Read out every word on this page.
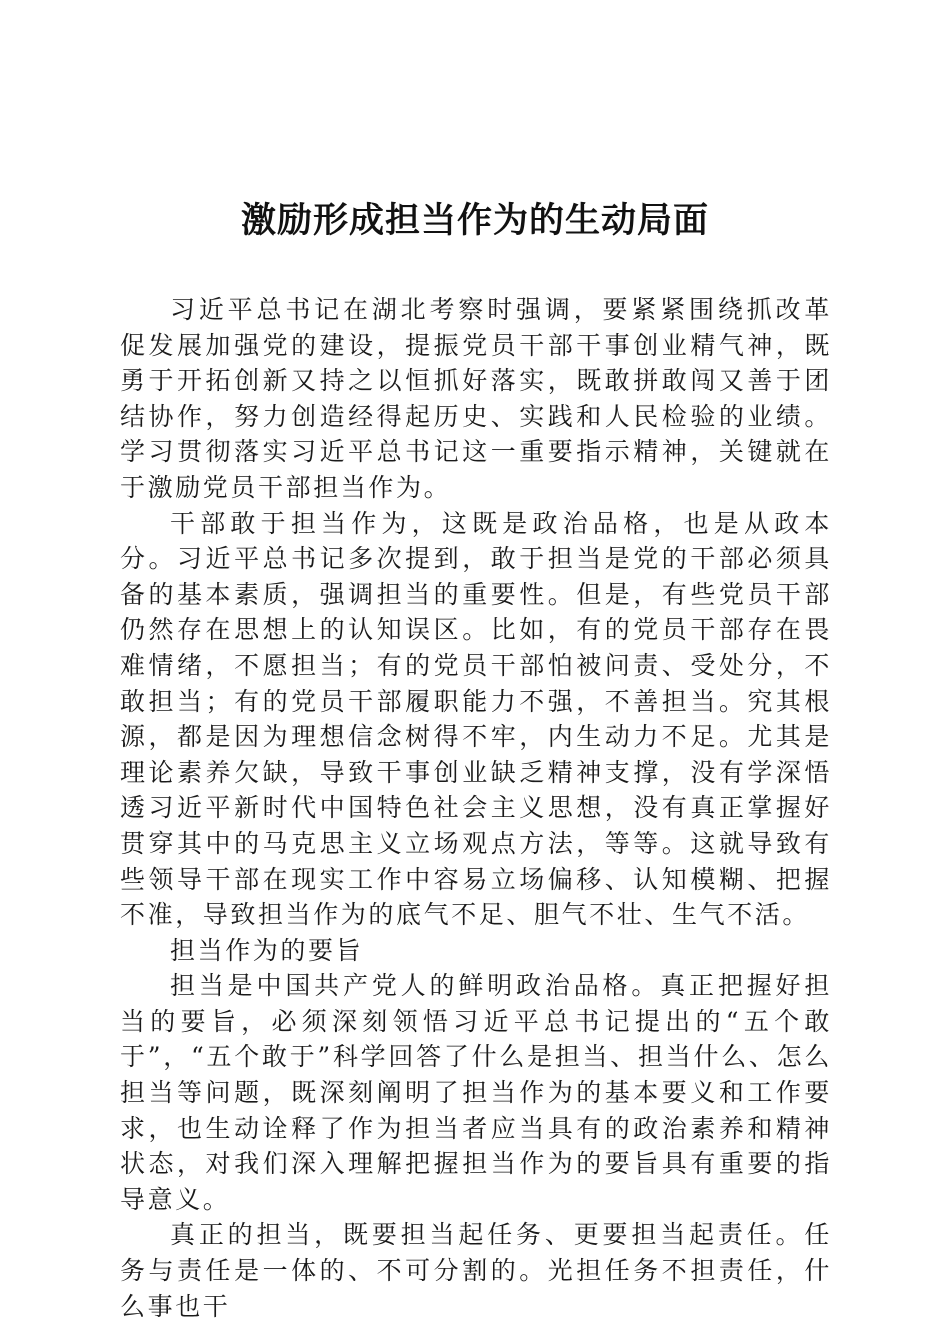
激励形成担当作为的生动局面

习近平总书记在湖北考察时强调，要紧紧围绕抓改革促发展加强党的建设，提振党员干部干事创业精气神，既勇于开拓创新又持之以恒抓好落实，既敢拼敢闯又善于团结协作，努力创造经得起历史、实践和人民检验的业绩。学习贯彻落实习近平总书记这一重要指示精神，关键就在于激励党员干部担当作为。

干部敢于担当作为，这既是政治品格，也是从政本分。习近平总书记多次提到，敢于担当是党的干部必须具备的基本素质，强调担当的重要性。但是，有些党员干部仍然存在思想上的认知误区。比如，有的党员干部存在畏难情绪，不愿担当；有的党员干部怕被问责、受处分，不敢担当；有的党员干部履职能力不强，不善担当。究其根源，都是因为理想信念树得不牢，内生动力不足。尤其是理论素养欠缺，导致干事创业缺乏精神支撑，没有学深悟透习近平新时代中国特色社会主义思想，没有真正掌握好贯穿其中的马克思主义立场观点方法，等等。这就导致有些领导干部在现实工作中容易立场偏移、认知模糊、把握不准，导致担当作为的底气不足、胆气不壮、生气不活。

担当作为的要旨

担当是中国共产党人的鲜明政治品格。真正把握好担当的要旨，必须深刻领悟习近平总书记提出的“五个敢于”，“五个敢于”科学回答了什么是担当、担当什么、怎么担当等问题，既深刻阐明了担当作为的基本要义和工作要求，也生动诠释了作为担当者应当具有的政治素养和精神状态，对我们深入理解把握担当作为的要旨具有重要的指导意义。

真正的担当，既要担当起任务、更要担当起责任。任务与责任是一体的、不可分割的。光担任务不担责任，什么事也干
